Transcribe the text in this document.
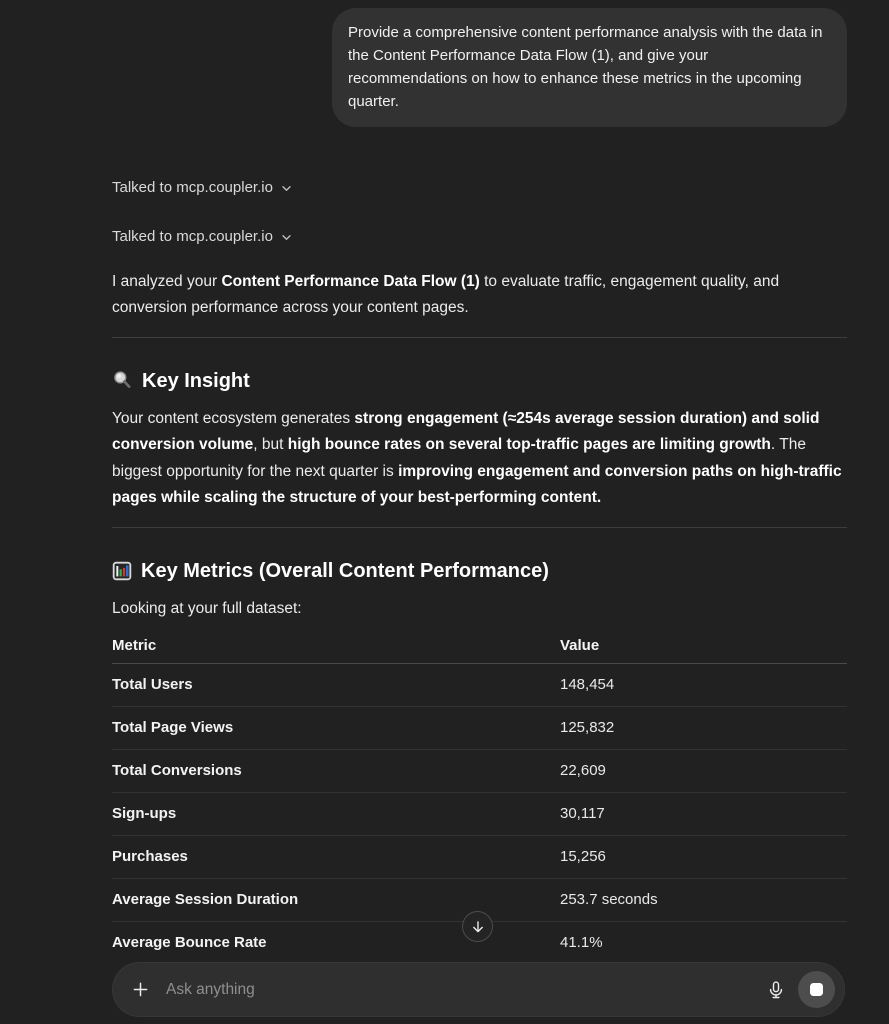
Provide a comprehensive content performance analysis with the data in the Content Performance Data Flow (1), and give your recommendations on how to enhance these metrics in the upcoming quarter.
Talked to mcp.coupler.io
Talked to mcp.coupler.io

I analyzed your Content Performance Data Flow (1) to evaluate traffic, engagement quality, and conversion performance across your content pages.

Key Insight

Your content ecosystem generates strong engagement (≈254s average session duration) and solid conversion volume, but high bounce rates on several top-traffic pages are limiting growth. The biggest opportunity for the next quarter is improving engagement and conversion paths on high-traffic pages while scaling the structure of your best-performing content.

Key Metrics (Overall Content Performance)

Looking at your full dataset:

Metric	Value
Total Users	148,454
Total Page Views	125,832
Total Conversions	22,609
Sign-ups	30,117
Purchases	15,256
Average Session Duration	253.7 seconds
Average Bounce Rate	41.1%
Ask anything
